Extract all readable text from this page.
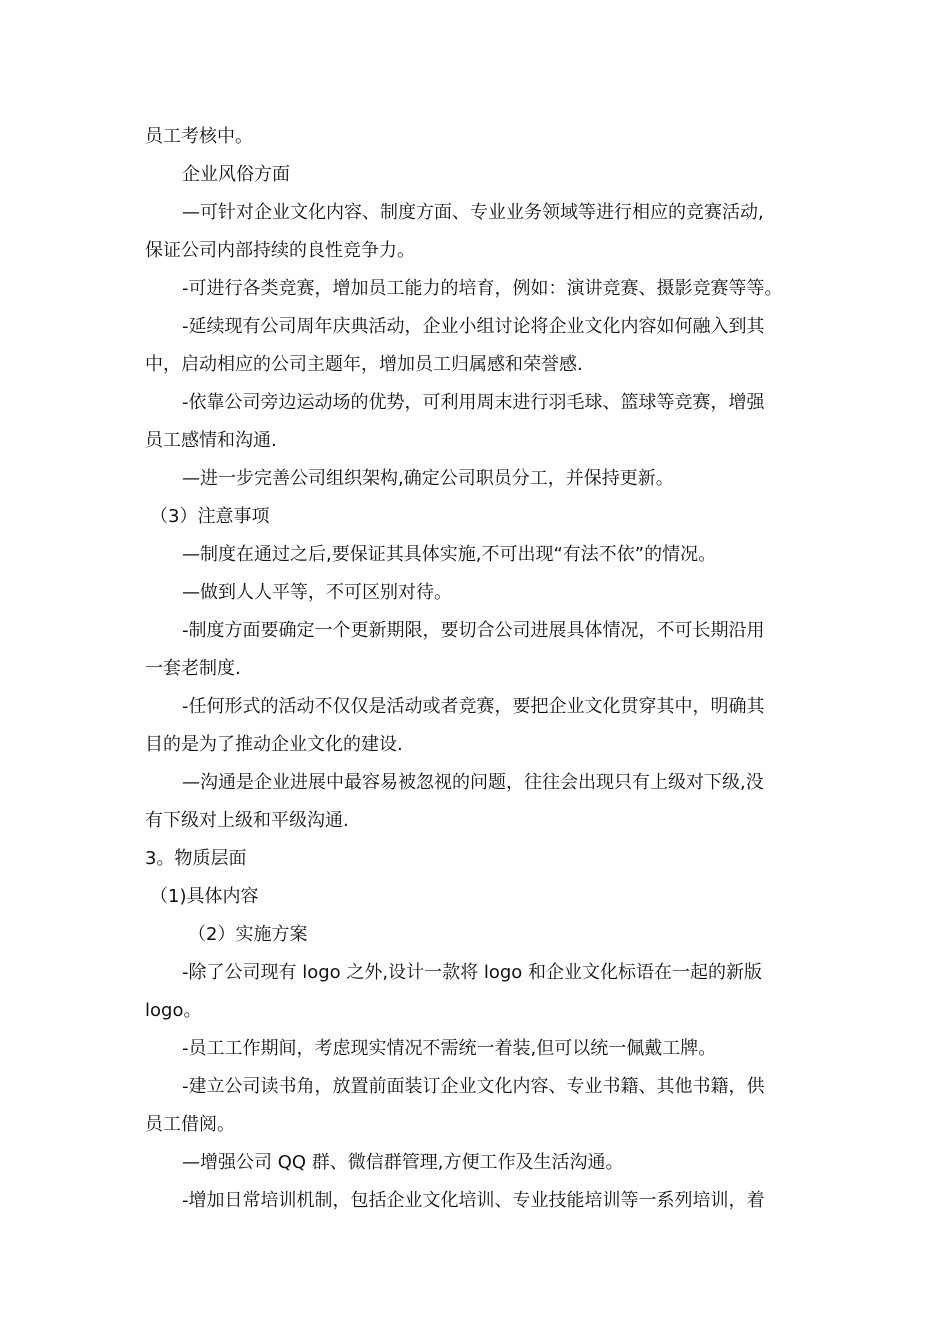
员工考核中。
企业风俗方面
—可针对企业文化内容、制度方面、专业业务领域等进行相应的竞赛活动,
保证公司内部持续的良性竞争力。
-可进行各类竞赛，增加员工能力的培育，例如：演讲竞赛、摄影竞赛等等。
-延续现有公司周年庆典活动，企业小组讨论将企业文化内容如何融入到其
中，启动相应的公司主题年，增加员工归属感和荣誉感.
-依靠公司旁边运动场的优势，可利用周末进行羽毛球、篮球等竞赛，增强
员工感情和沟通.
—进一步完善公司组织架构,确定公司职员分工，并保持更新。
（3）注意事项
—制度在通过之后,要保证其具体实施,不可出现“有法不依”的情况。
—做到人人平等，不可区别对待。
-制度方面要确定一个更新期限，要切合公司进展具体情况，不可长期沿用
一套老制度.
-任何形式的活动不仅仅是活动或者竞赛，要把企业文化贯穿其中，明确其
目的是为了推动企业文化的建设.
—沟通是企业进展中最容易被忽视的问题，往往会出现只有上级对下级,没
有下级对上级和平级沟通.
3。物质层面
（1)具体内容
（2）实施方案
-除了公司现有 logo 之外,设计一款将 logo 和企业文化标语在一起的新版
logo。
-员工工作期间，考虑现实情况不需统一着装,但可以统一佩戴工牌。
-建立公司读书角，放置前面装订企业文化内容、专业书籍、其他书籍，供
员工借阅。
—增强公司 QQ 群、微信群管理,方便工作及生活沟通。
-增加日常培训机制，包括企业文化培训、专业技能培训等一系列培训，着
